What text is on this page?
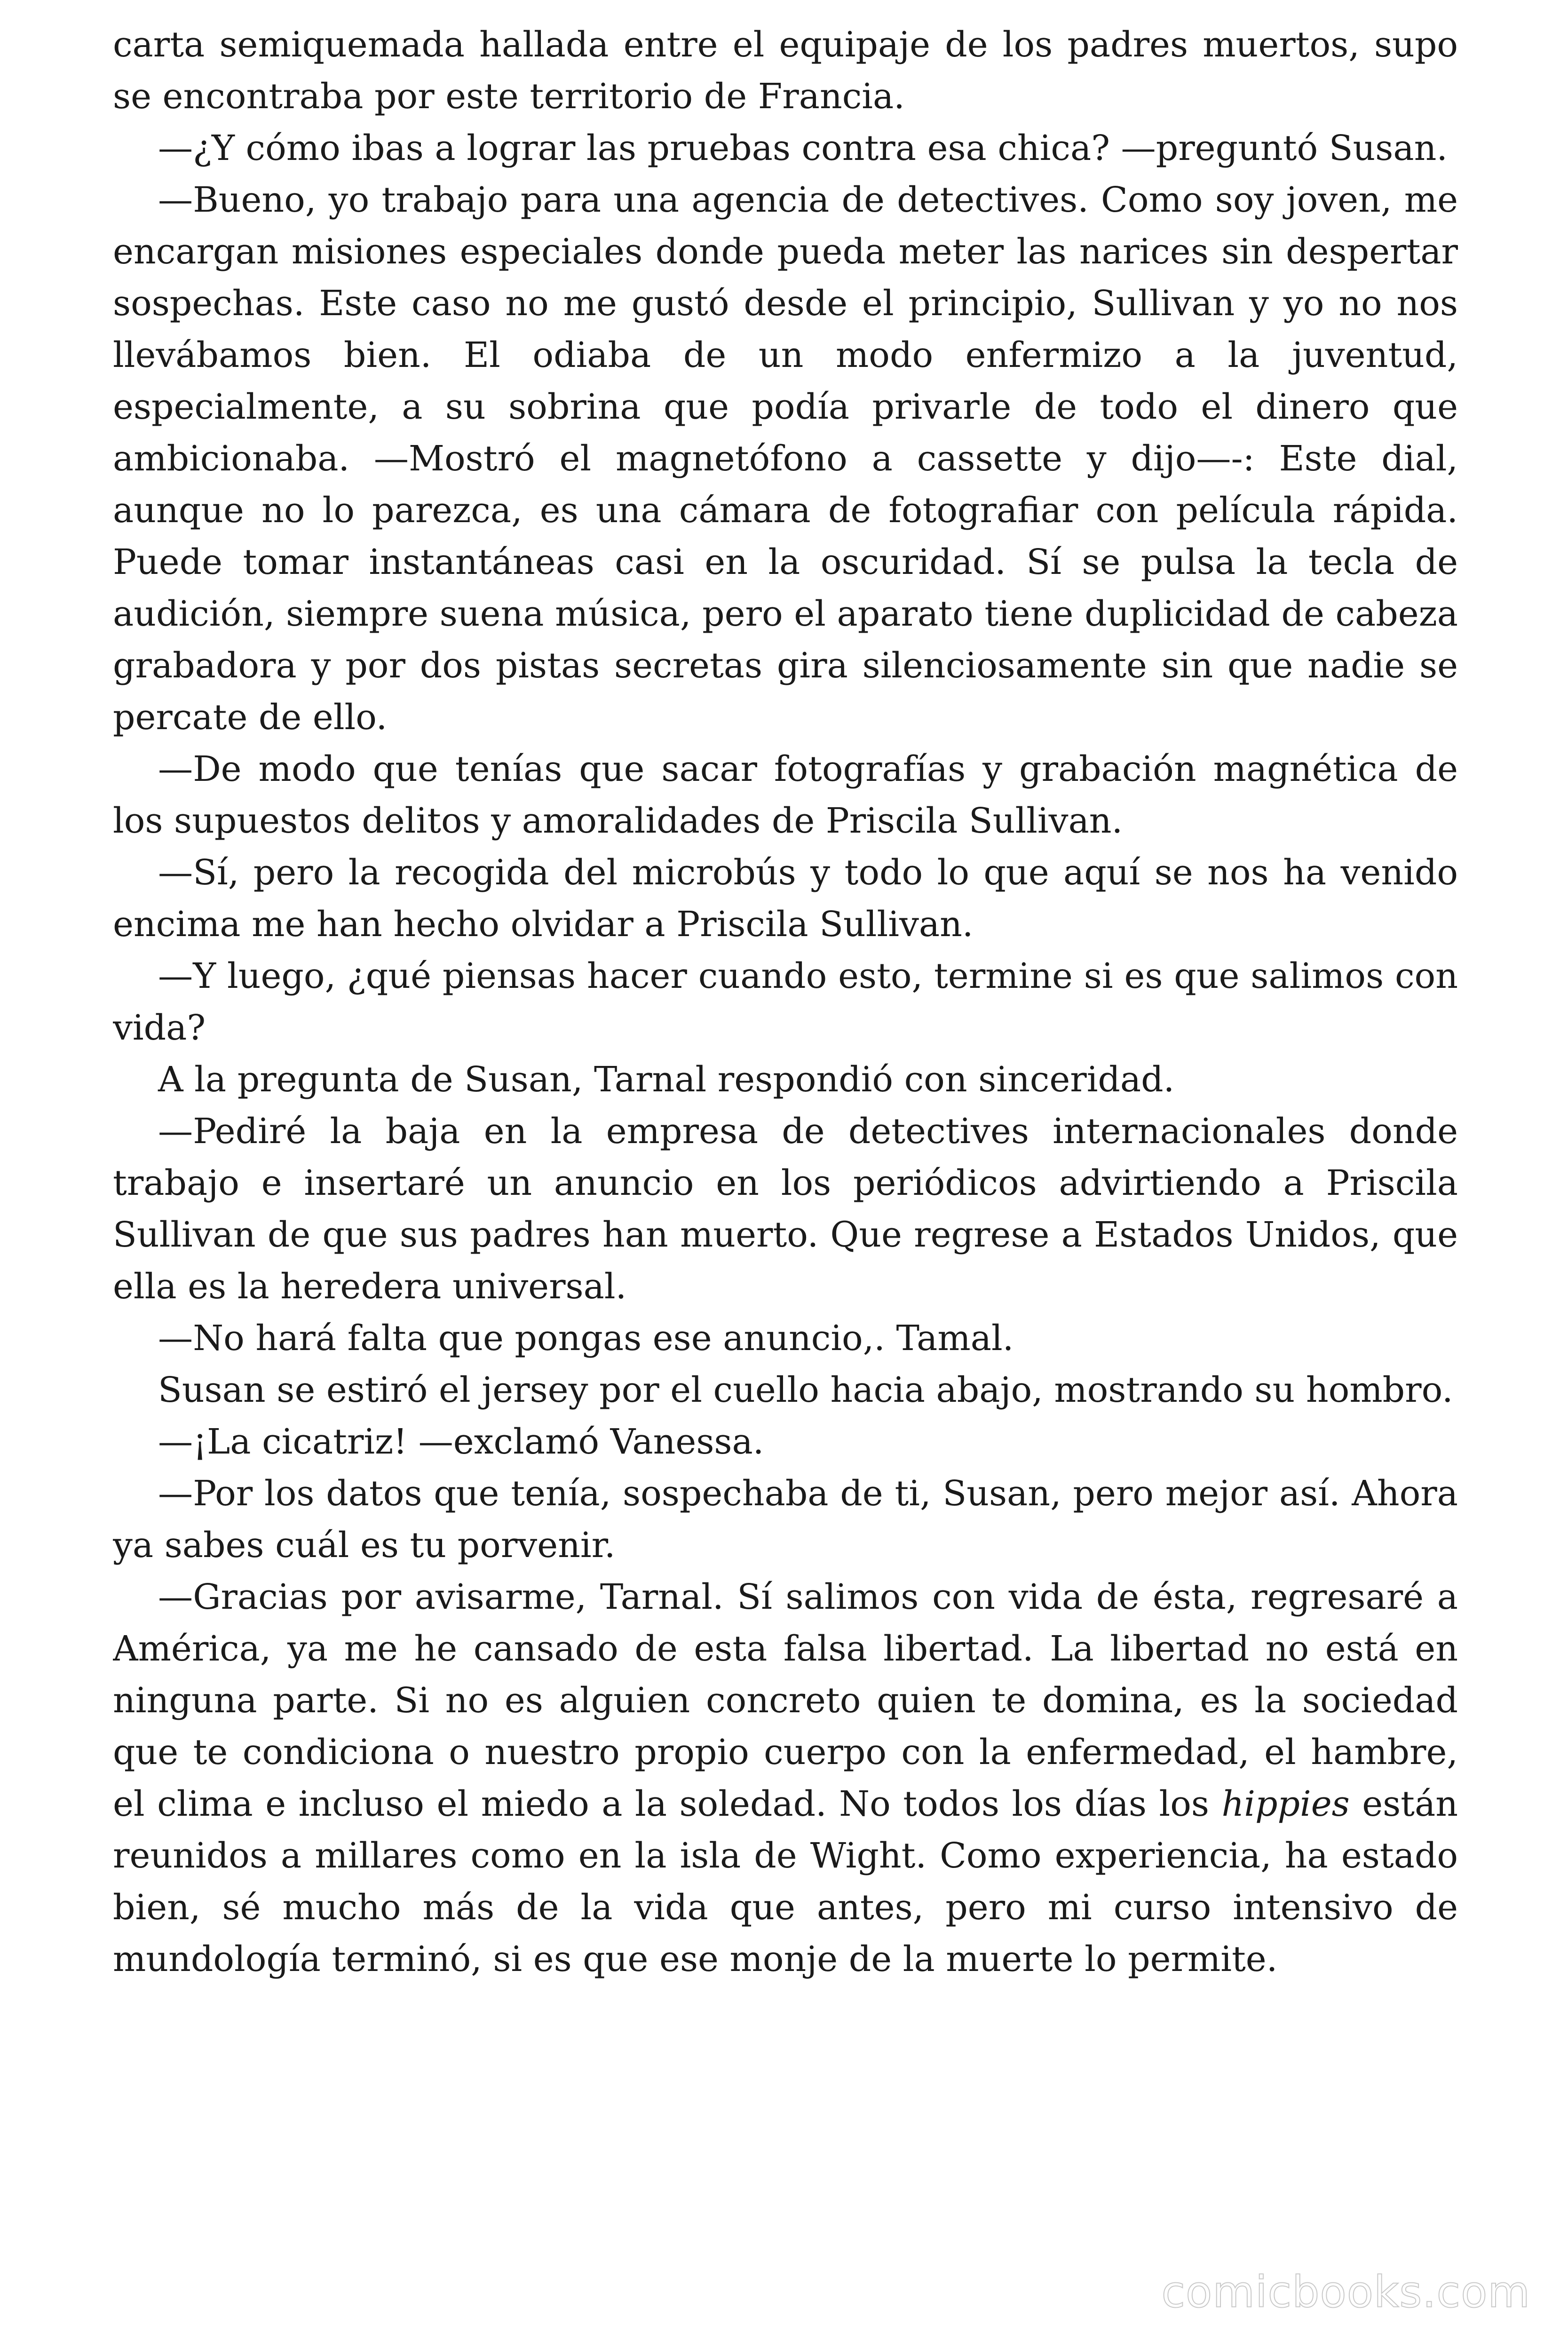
carta semiquemada hallada entre el equipaje de los padres muertos, supo se encontraba por este territorio de Francia.

—¿Y cómo ibas a lograr las pruebas contra esa chica? —preguntó Susan.

—Bueno, yo trabajo para una agencia de detectives. Como soy joven, me encargan misiones especiales donde pueda meter las narices sin despertar sospechas. Este caso no me gustó desde el principio, Sullivan y yo no nos llevábamos bien. El odiaba de un modo enfermizo a la juventud, especialmente, a su sobrina que podía privarle de todo el dinero que ambicionaba. —Mostró el magnetófono a cassette y dijo—-: Este dial, aunque no lo parezca, es una cámara de fotografiar con película rápida. Puede tomar instantáneas casi en la oscuridad. Sí se pulsa la tecla de audición, siempre suena música, pero el aparato tiene duplicidad de cabeza grabadora y por dos pistas secretas gira silenciosamente sin que nadie se percate de ello.

—De modo que tenías que sacar fotografías y grabación magnética de los supuestos delitos y amoralidades de Priscila Sullivan.

—Sí, pero la recogida del microbús y todo lo que aquí se nos ha venido encima me han hecho olvidar a Priscila Sullivan.

—Y luego, ¿qué piensas hacer cuando esto, termine si es que salimos con vida?

A la pregunta de Susan, Tarnal respondió con sinceridad.

—Pediré la baja en la empresa de detectives internacionales donde trabajo e insertaré un anuncio en los periódicos advirtiendo a Priscila Sullivan de que sus padres han muerto. Que regrese a Estados Unidos, que ella es la heredera universal.

—No hará falta que pongas ese anuncio,. Tamal.

Susan se estiró el jersey por el cuello hacia abajo, mostrando su hombro.

—¡La cicatriz! —exclamó Vanessa.

—Por los datos que tenía, sospechaba de ti, Susan, pero mejor así. Ahora ya sabes cuál es tu porvenir.

—Gracias por avisarme, Tarnal. Sí salimos con vida de ésta, regresaré a América, ya me he cansado de esta falsa libertad. La libertad no está en ninguna parte. Si no es alguien concreto quien te domina, es la sociedad que te condiciona o nuestro propio cuerpo con la enfermedad, el hambre, el clima e incluso el miedo a la soledad. No todos los días los hippies están reunidos a millares como en la isla de Wight. Como experiencia, ha estado bien, sé mucho más de la vida que antes, pero mi curso intensivo de mundología terminó, si es que ese monje de la muerte lo permite.

comicbooks.com
